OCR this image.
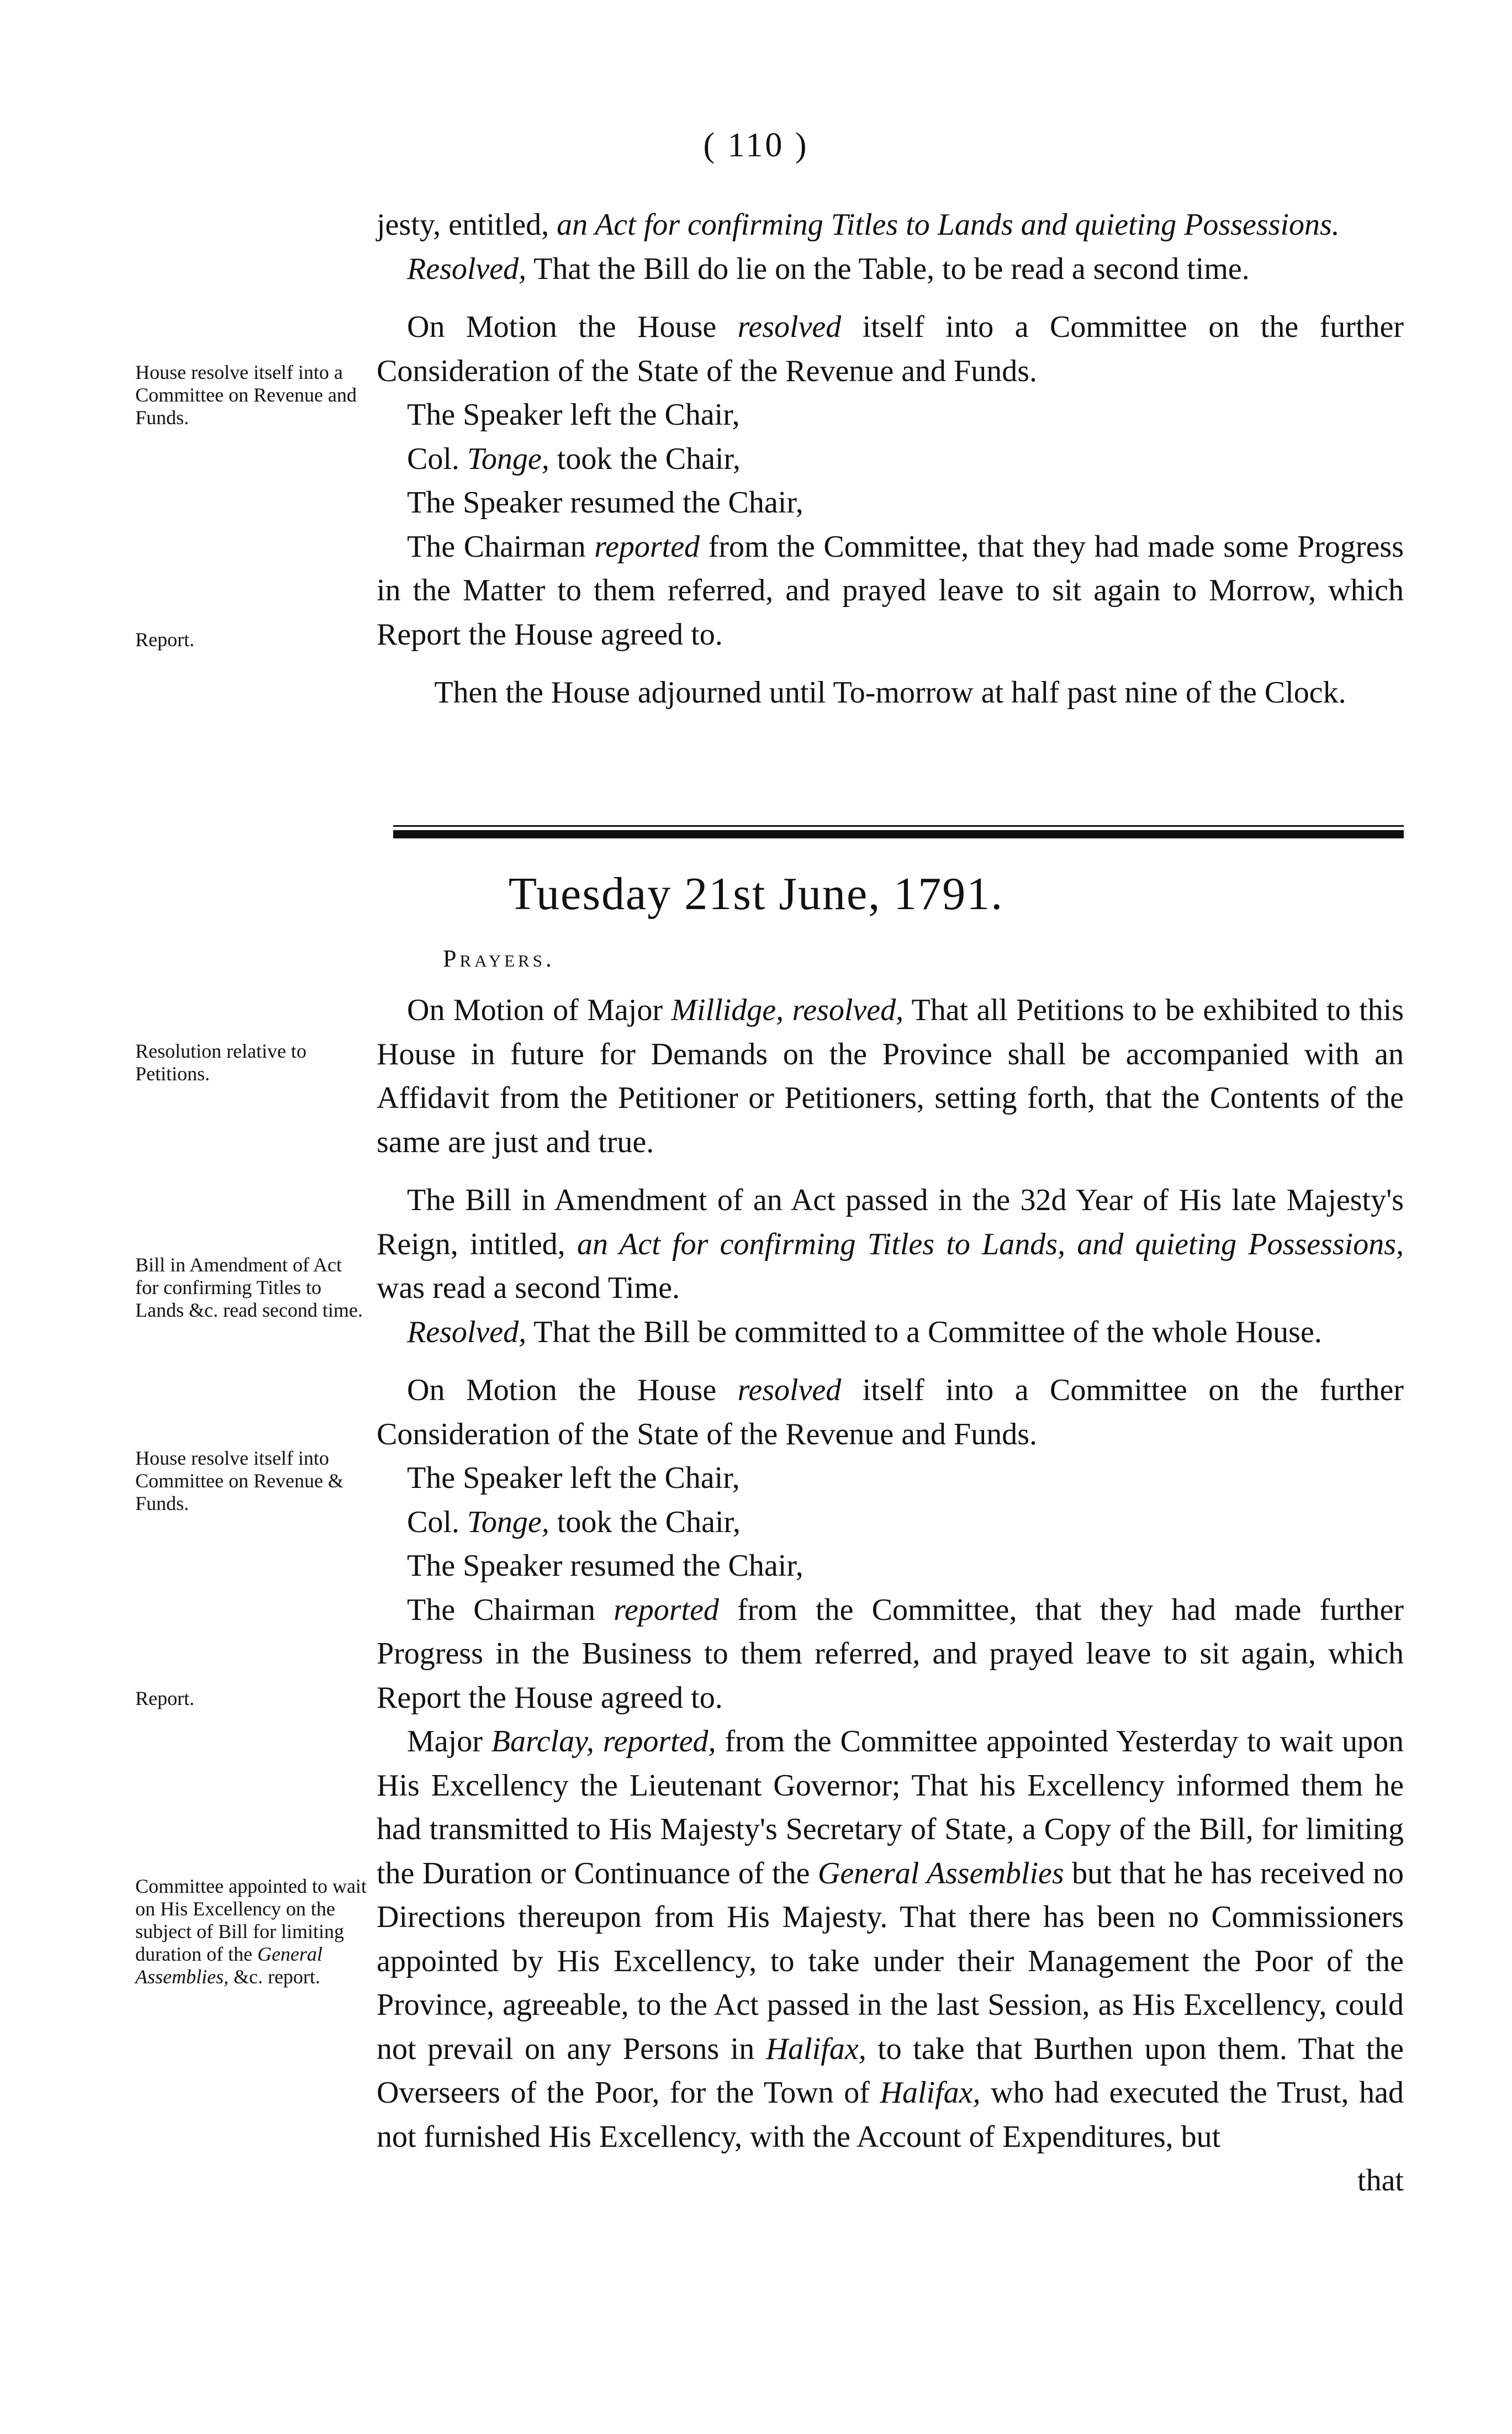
( 110 )

jesty, entitled, an Act for confirming Titles to Lands and quieting Possessions.

Resolved, That the Bill do lie on the Table, to be read a second time.

On Motion the House resolved itself into a Committee on the further Consideration of the State of the Revenue and Funds.

The Speaker left the Chair,

Col. Tonge, took the Chair,

The Speaker resumed the Chair,

The Chairman reported from the Committee, that they had made some Progress in the Matter to them referred, and prayed leave to sit again to Morrow, which Report the House agreed to.

Then the House adjourned until To-morrow at half past nine of the Clock.

Tuesday 21st June, 1791.
Prayers.

On Motion of Major Millidge, resolved, That all Petitions to be exhibited to this House in future for Demands on the Province shall be accompanied with an Affidavit from the Petitioner or Petitioners, setting forth, that the Contents of the same are just and true.

The Bill in Amendment of an Act passed in the 32d Year of His late Majesty's Reign, intitled, an Act for confirming Titles to Lands, and quieting Possessions, was read a second Time.

Resolved, That the Bill be committed to a Committee of the whole House.

On Motion the House resolved itself into a Committee on the further Consideration of the State of the Revenue and Funds.

The Speaker left the Chair,

Col. Tonge, took the Chair,

The Speaker resumed the Chair,

The Chairman reported from the Committee, that they had made further Progress in the Business to them referred, and prayed leave to sit again, which Report the House agreed to.

Major Barclay, reported, from the Committee appointed Yesterday to wait upon His Excellency the Lieutenant Governor; That his Excellency informed them he had transmitted to His Majesty's Secretary of State, a Copy of the Bill, for limiting the Duration or Continuance of the General Assemblies but that he has received no Directions thereupon from His Majesty. That there has been no Commissioners appointed by His Excellency, to take under their Management the Poor of the Province, agreeable, to the Act passed in the last Session, as His Excellency, could not prevail on any Persons in Halifax, to take that Burthen upon them. That the Overseers of the Poor, for the Town of Halifax, who had executed the Trust, had not furnished His Excellency, with the Account of Expenditures, but

that

House resolve itself into a Committee on Revenue and Funds.
Report.
Resolution relative to Petitions.
Bill in Amendment of Act for confirming Titles to Lands &c. read second time.
House resolve itself into Committee on Revenue & Funds.
Report.
Committee appointed to wait on His Excellency on the subject of Bill for limiting duration of the General Assemblies, &c. report.
